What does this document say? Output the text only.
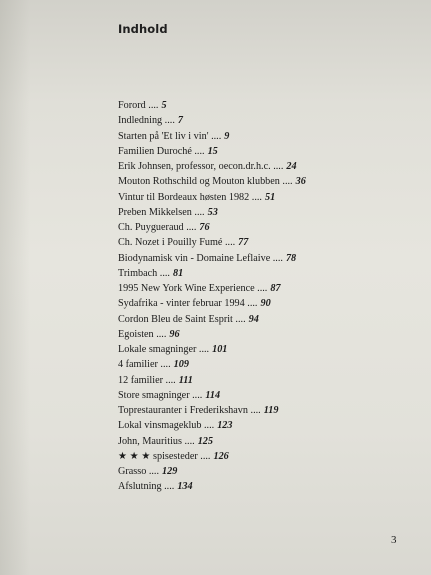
Indhold
Forord .... 5
Indledning .... 7
Starten på 'Et liv i vin' .... 9
Familien Duroché .... 15
Erik Johnsen, professor, oecon.dr.h.c. .... 24
Mouton Rothschild og Mouton klubben .... 36
Vintur til Bordeaux høsten 1982 .... 51
Preben Mikkelsen .... 53
Ch. Puygueraud .... 76
Ch. Nozet i Pouilly Fumé .... 77
Biodynamisk vin - Domaine Leflaive .... 78
Trimbach .... 81
1995 New York Wine Experience .... 87
Sydafrika - vinter februar 1994 .... 90
Cordon Bleu de Saint Esprit .... 94
Egoisten .... 96
Lokale smagninger .... 101
4 familier .... 109
12 familier .... 111
Store smagninger .... 114
Toprestauranter i Frederikshavn .... 119
Lokal vinsmageklub .... 123
John, Mauritius .... 125
★ ★ ★ spisesteder .... 126
Grasso .... 129
Afslutning .... 134
3
